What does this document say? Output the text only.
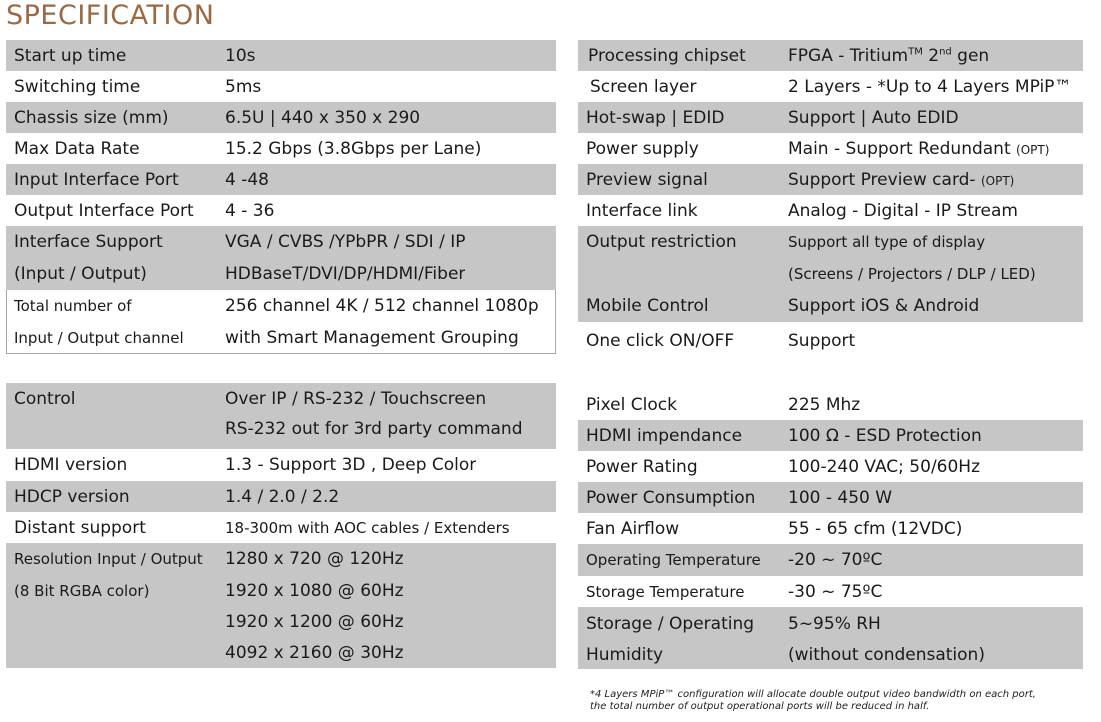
SPECIFICATION
Start up time	10s
Switching time	5ms
Chassis size (mm)	6.5U | 440 x 350 x 290
Max Data Rate	15.2 Gbps (3.8Gbps per Lane)
Input Interface Port	4 -48
Output Interface Port	4 - 36
Interface Support	VGA / CVBS /YPbPR / SDI / IP
(Input / Output)	HDBaseT/DVI/DP/HDMI/Fiber
Total number of	256 channel 4K / 512 channel 1080p
Input / Output channel	with Smart Management Grouping
Processing chipset	FPGA - Tritium™ 2nd gen
Screen layer	2 Layers - *Up to 4 Layers MPiP™
Hot-swap | EDID	Support | Auto EDID
Power supply	Main - Support Redundant (OPT)
Preview signal	Support Preview card- (OPT)
Interface link	Analog - Digital - IP Stream
Output restriction	Support all type of display
(Screens / Projectors / DLP / LED)
Mobile Control	Support iOS & Android
One click ON/OFF	Support
Control	Over IP / RS-232 / Touchscreen
RS-232 out for 3rd party command
HDMI version	1.3 - Support 3D , Deep Color
HDCP version	1.4 / 2.0 / 2.2
Distant support	18-300m with AOC cables / Extenders
Resolution Input / Output	1280 x 720 @ 120Hz
(8 Bit RGBA color)	1920 x 1080 @ 60Hz
1920 x 1200 @ 60Hz
4092 x 2160 @ 30Hz
Pixel Clock	225 Mhz
HDMI impendance	100 Ω - ESD Protection
Power Rating	100-240 VAC; 50/60Hz
Power Consumption	100 - 450 W
Fan Airflow	55 - 65 cfm (12VDC)
Operating Temperature	-20 ~ 70ºC
Storage Temperature	-30 ~ 75ºC
Storage / Operating	5~95% RH
Humidity	(without condensation)
*4 Layers MPiP™ configuration will allocate double output video bandwidth on each port,
the total number of output operational ports will be reduced in half.
